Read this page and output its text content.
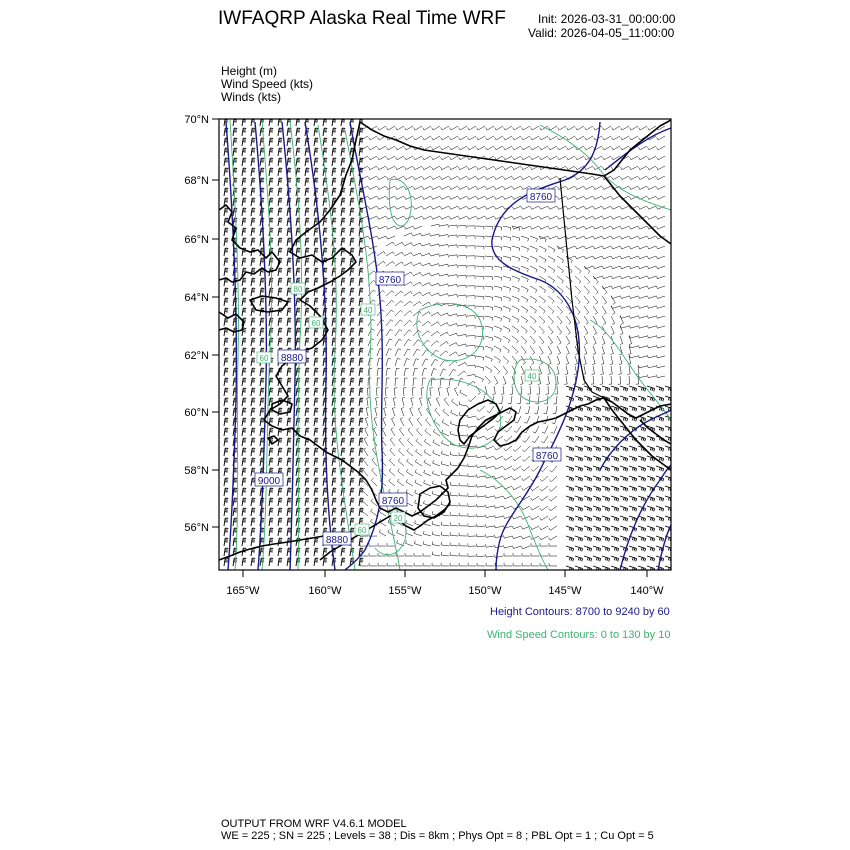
IWFAQRP Alaska Real Time WRF	Init: 2026-03-31_00:00:00
Valid: 2026-04-05_11:00:00
Height (m)
Wind Speed (kts)
Winds (kts)
8760
8760
8880
9000
8760
8760
8880
80
60
60
40
40
20
60
70°N
68°N
66°N
64°N
62°N
60°N
58°N
56°N
165°W	160°W	155°W	150°W	145°W	140°W
Height Contours: 8700 to 9240 by 60
Wind Speed Contours: 0 to 130 by 10
OUTPUT FROM WRF V4.6.1 MODEL
WE = 225 ; SN = 225 ; Levels = 38 ; Dis = 8km ; Phys Opt = 8 ; PBL Opt = 1 ; Cu Opt = 5
